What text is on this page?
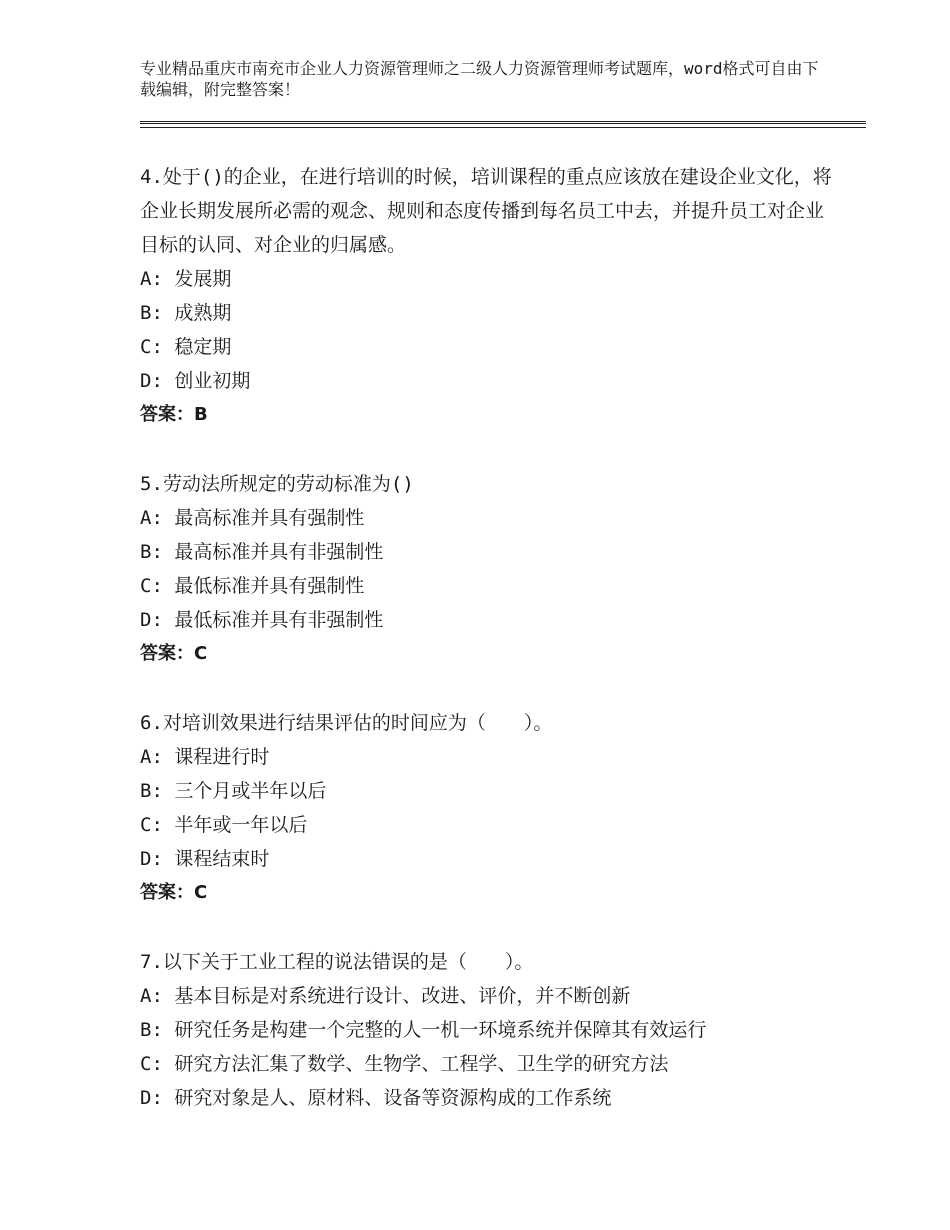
专业精品重庆市南充市企业人力资源管理师之二级人力资源管理师考试题库，word格式可自由下载编辑，附完整答案！
4.处于()的企业，在进行培训的时候，培训课程的重点应该放在建设企业文化，将企业长期发展所必需的观念、规则和态度传播到每名员工中去，并提升员工对企业目标的认同、对企业的归属感。
A: 发展期
B: 成熟期
C: 稳定期
D: 创业初期
答案：B
5.劳动法所规定的劳动标准为()
A: 最高标准并具有强制性
B: 最高标准并具有非强制性
C: 最低标准并具有强制性
D: 最低标准并具有非强制性
答案：C
6.对培训效果进行结果评估的时间应为（　　）。
A: 课程进行时
B: 三个月或半年以后
C: 半年或一年以后
D: 课程结束时
答案：C
7.以下关于工业工程的说法错误的是（　　）。
A: 基本目标是对系统进行设计、改进、评价，并不断创新
B: 研究任务是构建一个完整的人一机一环境系统并保障其有效运行
C: 研究方法汇集了数学、生物学、工程学、卫生学的研究方法
D: 研究对象是人、原材料、设备等资源构成的工作系统
